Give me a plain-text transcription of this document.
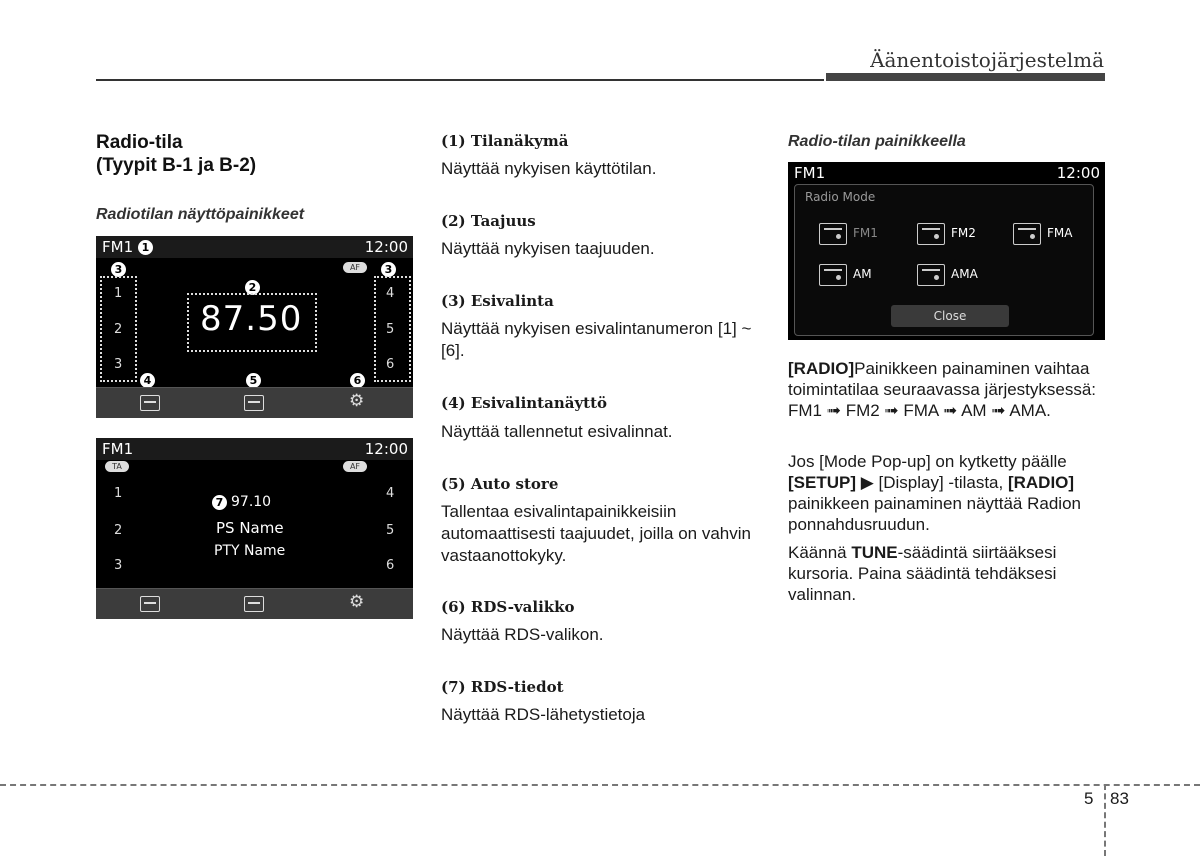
Äänentoistojärjestelmä
Radio-tila
(Tyypit B-1 ja B-2)
Radiotilan näyttöpainikkeet
FM1 1	12:00
3	3
AF
1
2
3
4
5
6
2
87.50
4	5	6
⚙
FM1	12:00
TA	AF
1
2
3
4
5
6
7 97.10
PS Name
PTY Name
⚙
(1) Tilanäkymä
Näyttää nykyisen käyttötilan.
(2) Taajuus
Näyttää nykyisen taajuuden.
(3) Esivalinta
Näyttää nykyisen esivalintanumeron [1] ~ [6].
(4) Esivalintanäyttö
Näyttää tallennetut esivalinnat.
(5) Auto store
Tallentaa esivalintapainikkeisiin automaattisesti taajuudet, joilla on vahvin vastaanottokyky.
(6) RDS-valikko
Näyttää RDS-valikon.
(7) RDS-tiedot
Näyttää RDS-lähetystietoja
Radio-tilan painikkeella
FM1	12:00
Radio Mode
FM1	FM2	FMA
AM	AMA
Close
[RADIO]Painikkeen painaminen vaihtaa toimintatilaa seuraavassa järjestyksessä: FM1 ➟ FM2 ➟ FMA ➟ AM ➟ AMA.
Jos [Mode Pop-up] on kytketty päälle [SETUP] ▶ [Display] -tilasta, [RADIO] painikkeen painaminen näyttää Radion ponnahdusruudun.
Käännä TUNE-säädintä siirtääksesi kursoria. Paina säädintä tehdäksesi valinnan.
5 83
